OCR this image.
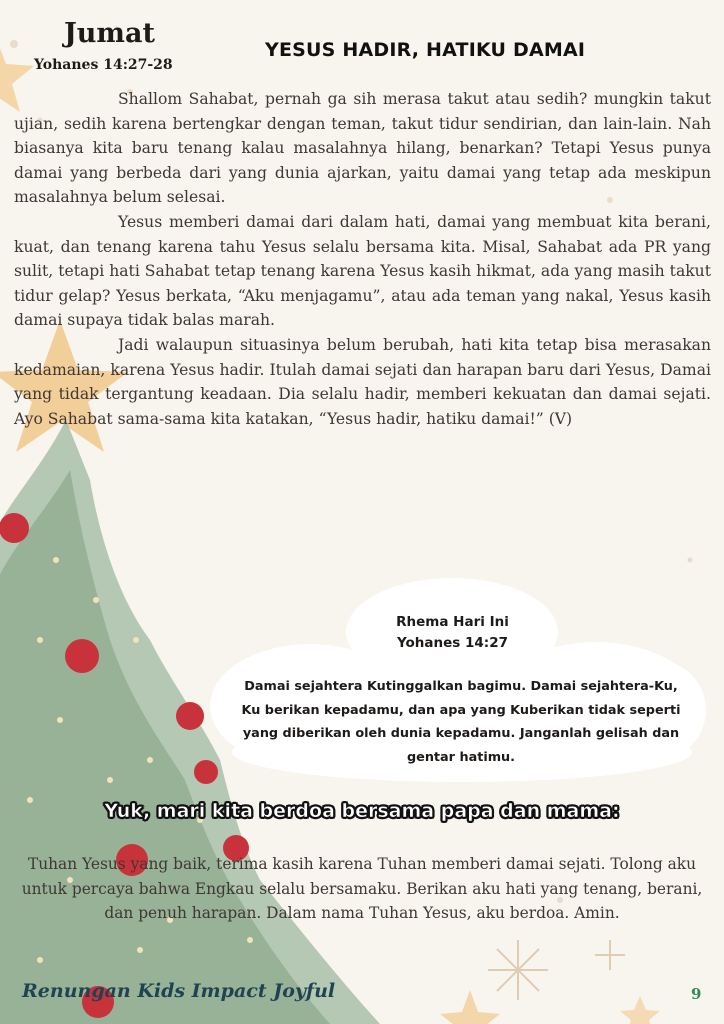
Jumat
Yohanes 14:27-28
YESUS HADIR, HATIKU DAMAI

Shallom Sahabat, pernah ga sih merasa takut atau sedih? mungkin takut ujian, sedih karena bertengkar dengan teman, takut tidur sendirian, dan lain-lain. Nah biasanya kita baru tenang kalau masalahnya hilang, benarkan? Tetapi Yesus punya damai yang berbeda dari yang dunia ajarkan, yaitu damai yang tetap ada meskipun masalahnya belum selesai.

Yesus memberi damai dari dalam hati, damai yang membuat kita berani, kuat, dan tenang karena tahu Yesus selalu bersama kita. Misal, Sahabat ada PR yang sulit, tetapi hati Sahabat tetap tenang karena Yesus kasih hikmat, ada yang masih takut tidur gelap? Yesus berkata, “Aku menjagamu”, atau ada teman yang nakal, Yesus kasih damai supaya tidak balas marah.

Jadi walaupun situasinya belum berubah, hati kita tetap bisa merasakan kedamaian, karena Yesus hadir. Itulah damai sejati dan harapan baru dari Yesus, Damai yang tidak tergantung keadaan. Dia selalu hadir, memberi kekuatan dan damai sejati. Ayo Sahabat sama-sama kita katakan, “Yesus hadir, hatiku damai!” (V)

Rhema Hari Ini
Yohanes 14:27
Damai sejahtera Kutinggalkan bagimu. Damai sejahtera-Ku, Ku berikan kepadamu, dan apa yang Kuberikan tidak seperti yang diberikan oleh dunia kepadamu. Janganlah gelisah dan gentar hatimu.
Yuk, mari kita berdoa bersama papa dan mama:
Tuhan Yesus yang baik, terima kasih karena Tuhan memberi damai sejati. Tolong aku untuk percaya bahwa Engkau selalu bersamaku. Berikan aku hati yang tenang, berani, dan penuh harapan. Dalam nama Tuhan Yesus, aku berdoa. Amin.
Renungan Kids Impact Joyful	9
